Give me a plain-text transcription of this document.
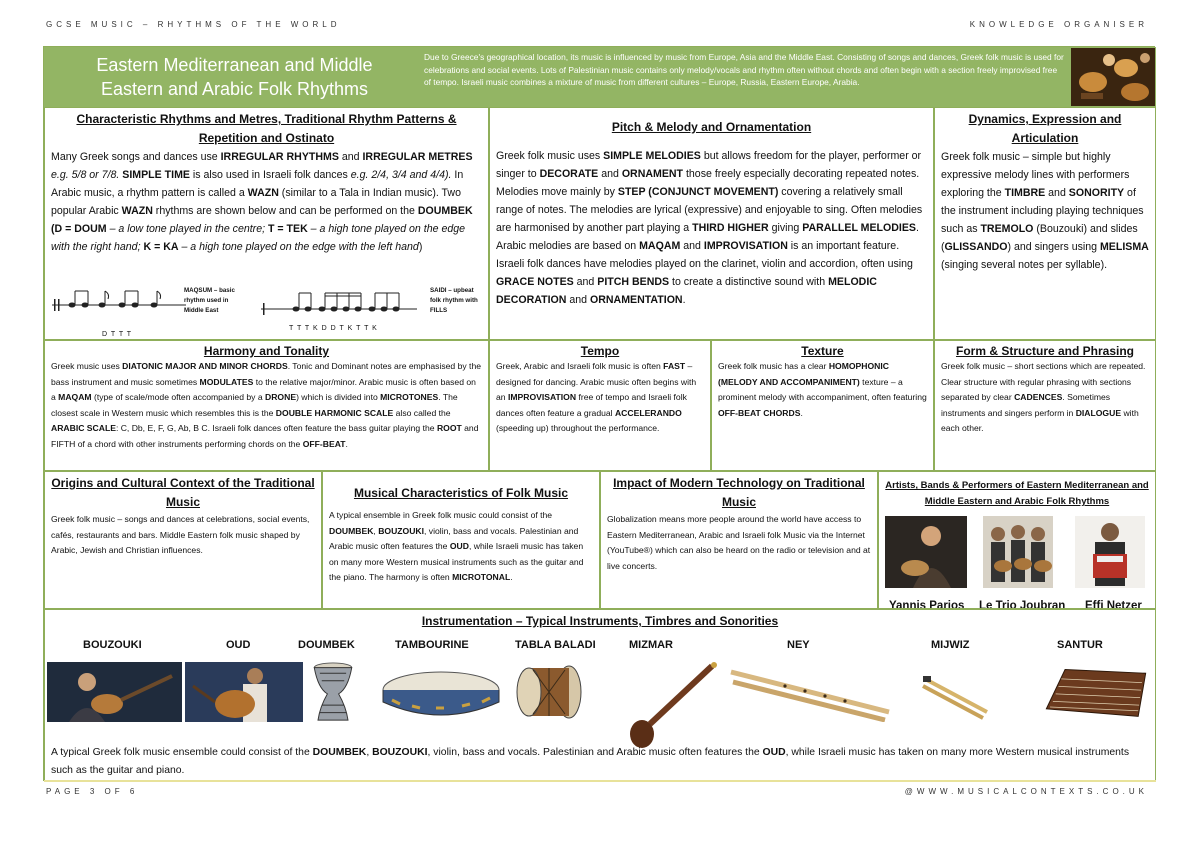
GCSE MUSIC – RHYTHMS OF THE WORLD	KNOWLEDGE ORGANISER
Eastern Mediterranean and Middle
Eastern and Arabic Folk Rhythms
Due to Greece's geographical location, its music is influenced by music from Europe, Asia and the Middle East. Consisting of songs and dances, Greek folk music is used for celebrations and social events. Lots of Palestinian music contains only melody/vocals and rhythm often without chords and often begin with a section freely improvised free of tempo. Israeli music combines a mixture of music from different cultures – Europe, Russia, Eastern Europe, Arabia.
Characteristic Rhythms and Metres, Traditional Rhythm Patterns & Repetition and Ostinato

Many Greek songs and dances use IRREGULAR RHYTHMS and IRREGULAR METRES e.g. 5/8 or 7/8. SIMPLE TIME is also used in Israeli folk dances e.g. 2/4, 3/4 and 4/4). In Arabic music, a rhythm pattern is called a WAZN (similar to a Tala in Indian music). Two popular Arabic WAZN rhythms are shown below and can be performed on the DOUMBEK (D = DOUM – a low tone played in the centre; T = TEK – a high tone played on the edge with the right hand; K = KA – a high tone played on the edge with the left hand)

D T T T
MAQSUM – basic rhythm used in Middle East
T T T K D D T K T T K
SAIDI – upbeat folk rhythm with FILLS
Pitch & Melody and Ornamentation

Greek folk music uses SIMPLE MELODIES but allows freedom for the player, performer or singer to DECORATE and ORNAMENT those freely especially decorating repeated notes. Melodies move mainly by STEP (CONJUNCT MOVEMENT) covering a relatively small range of notes. The melodies are lyrical (expressive) and enjoyable to sing. Often melodies are harmonised by another part playing a THIRD HIGHER giving PARALLEL MELODIES. Arabic melodies are based on MAQAM and IMPROVISATION is an important feature. Israeli folk dances have melodies played on the clarinet, violin and accordion, often using GRACE NOTES and PITCH BENDS to create a distinctive sound with MELODIC DECORATION and ORNAMENTATION.

Dynamics, Expression and Articulation

Greek folk music – simple but highly expressive melody lines with performers exploring the TIMBRE and SONORITY of the instrument including playing techniques such as TREMOLO (Bouzouki) and slides (GLISSANDO) and singers using MELISMA (singing several notes per syllable).

Harmony and Tonality

Greek music uses DIATONIC MAJOR AND MINOR CHORDS. Tonic and Dominant notes are emphasised by the bass instrument and music sometimes MODULATES to the relative major/minor. Arabic music is often based on a MAQAM (type of scale/mode often accompanied by a DRONE) which is divided into MICROTONES. The closest scale in Western music which resembles this is the DOUBLE HARMONIC SCALE also called the ARABIC SCALE: C, Db, E, F, G, Ab, B C. Israeli folk dances often feature the bass guitar playing the ROOT and FIFTH of a chord with other instruments performing chords on the OFF-BEAT.

Tempo

Greek, Arabic and Israeli folk music is often FAST – designed for dancing. Arabic music often begins with an IMPROVISATION free of tempo and Israeli folk dances often feature a gradual ACCELERANDO (speeding up) throughout the performance.

Texture

Greek folk music has a clear HOMOPHONIC (MELODY AND ACCOMPANIMENT) texture – a prominent melody with accompaniment, often featuring OFF-BEAT CHORDS.

Form & Structure and Phrasing

Greek folk music – short sections which are repeated. Clear structure with regular phrasing with sections separated by clear CADENCES. Sometimes instruments and singers perform in DIALOGUE with each other.

Origins and Cultural Context of the Traditional Music

Greek folk music – songs and dances at celebrations, social events, cafés, restaurants and bars. Middle Eastern folk music shaped by Arabic, Jewish and Christian influences.

Musical Characteristics of Folk Music

A typical ensemble in Greek folk music could consist of the DOUMBEK, BOUZOUKI, violin, bass and vocals. Palestinian and Arabic music often features the OUD, while Israeli music has taken on many more Western musical instruments such as the guitar and the piano. The harmony is often MICROTONAL.

Impact of Modern Technology on Traditional Music

Globalization means more people around the world have access to Eastern Mediterranean, Arabic and Israeli folk Music via the Internet (YouTube®) which can also be heard on the radio or television and at live concerts.

Artists, Bands & Performers of Eastern Mediterranean and Middle Eastern and Arabic Folk Rhythms
Yannis Parios Le Trio Joubran Effi Netzer
Instrumentation – Typical Instruments, Timbres and Sonorities
BOUZOUKI	OUD	DOUMBEK	TAMBOURINE	TABLA BALADI	MIZMAR	NEY	MIJWIZ	SANTUR

A typical Greek folk music ensemble could consist of the DOUMBEK, BOUZOUKI, violin, bass and vocals. Palestinian and Arabic music often features the OUD, while Israeli music has taken on many more Western musical instruments such as the guitar and piano.

PAGE 3 OF 6	@WWW.MUSICALCONTEXTS.CO.UK
